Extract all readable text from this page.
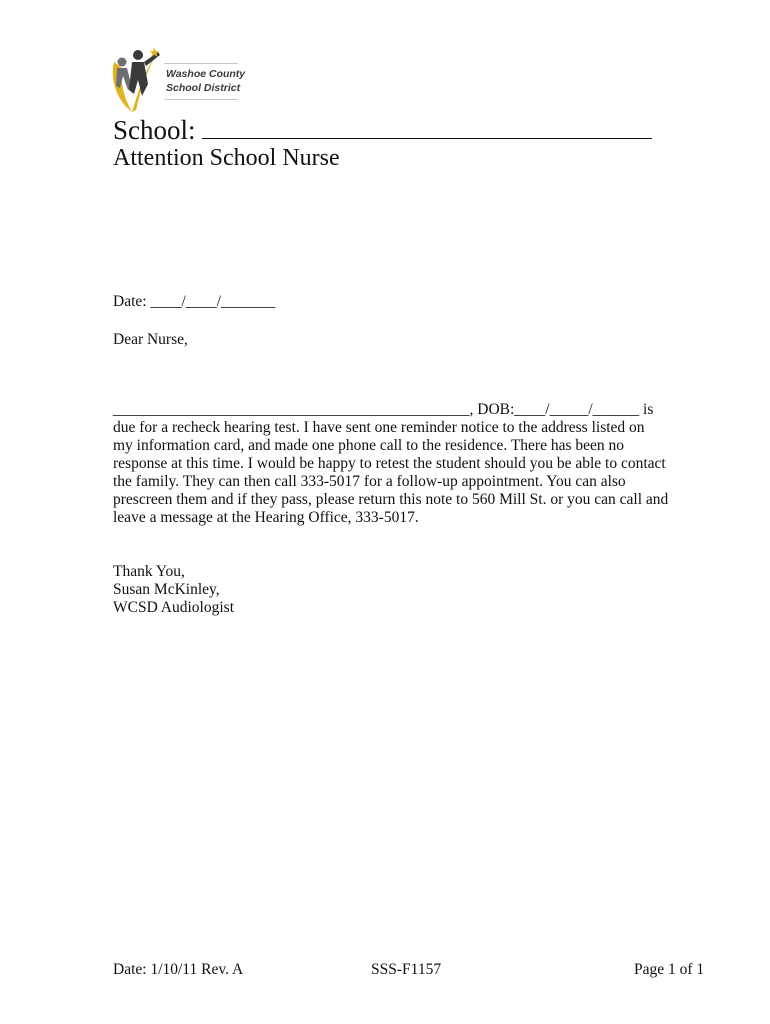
Washoe County
School District
School:
Attention School Nurse
Date: ____/____/_______
Dear Nurse,
______________________________________________, DOB:____/_____/______ is
due for a recheck hearing test. I have sent one reminder notice to the address listed on
my information card, and made one phone call to the residence. There has been no
response at this time. I would be happy to retest the student should you be able to contact
the family. They can then call 333-5017 for a follow-up appointment. You can also
prescreen them and if they pass, please return this note to 560 Mill St. or you can call and
leave a message at the Hearing Office, 333-5017.
Thank You,
Susan McKinley,
WCSD Audiologist
Date: 1/10/11 Rev. A	SSS-F1157	Page 1 of 1
